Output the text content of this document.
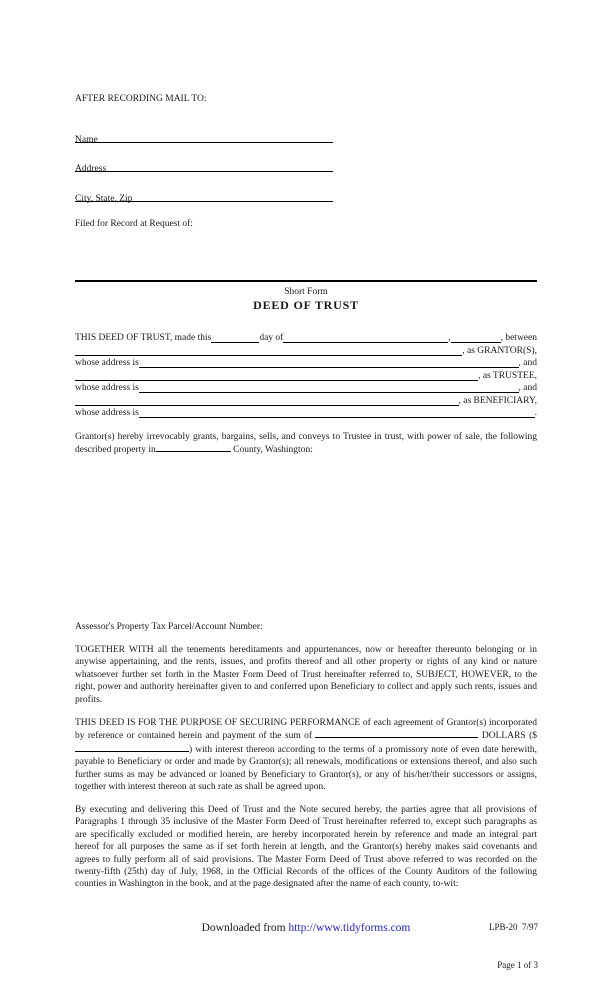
AFTER RECORDING MAIL TO:
Name
Address
City, State, Zip
Filed for Record at Request of:
Short Form
DEED OF TRUST
THIS DEED OF TRUST, made this	day of	,	, between
, as GRANTOR(S),
whose address is	, and
, as TRUSTEE,
whose address is	, and
, as BENEFICIARY,
whose address is	.

Grantor(s) hereby irrevocably grants, bargains, sells, and conveys to Trustee in trust, with power of sale, the following described property in	County, Washington:

Assessor's Property Tax Parcel/Account Number:

TOGETHER WITH all the tenements hereditaments and appurtenances, now or hereafter thereunto belonging or in anywise appertaining, and the rents, issues, and profits thereof and all other property or rights of any kind or nature whatsoever further set forth in the Master Form Deed of Trust hereinafter referred to, SUBJECT, HOWEVER, to the right, power and authority hereinafter given to and conferred upon Beneficiary to collect and apply such rents, issues and profits.

THIS DEED IS FOR THE PURPOSE OF SECURING PERFORMANCE of each agreement of Grantor(s) incorporated by reference or contained herein and payment of the sum of	DOLLARS ($) with interest thereon according to the terms of a promissory note of even date herewith, payable to Beneficiary or order and made by Grantor(s); all renewals, modifications or extensions thereof, and also such further sums as may be advanced or loaned by Beneficiary to Grantor(s), or any of his/her/their successors or assigns, together with interest thereon at such rate as shall be agreed upon.

By executing and delivering this Deed of Trust and the Note secured hereby, the parties agree that all provisions of Paragraphs 1 through 35 inclusive of the Master Form Deed of Trust hereinafter referred to, except such paragraphs as are specifically excluded or modified herein, are hereby incorporated herein by reference and made an integral part hereof for all purposes the same as if set forth herein at length, and the Grantor(s) hereby makes said covenants and agrees to fully perform all of said provisions. The Master Form Deed of Trust above referred to was recorded on the twenty-fifth (25th) day of July, 1968, in the Official Records of the offices of the County Auditors of the following counties in Washington in the book, and at the page designated after the name of each county, to-wit:

LPB-20  7/97

Page 1 of 3

Downloaded from http://www.tidyforms.com
